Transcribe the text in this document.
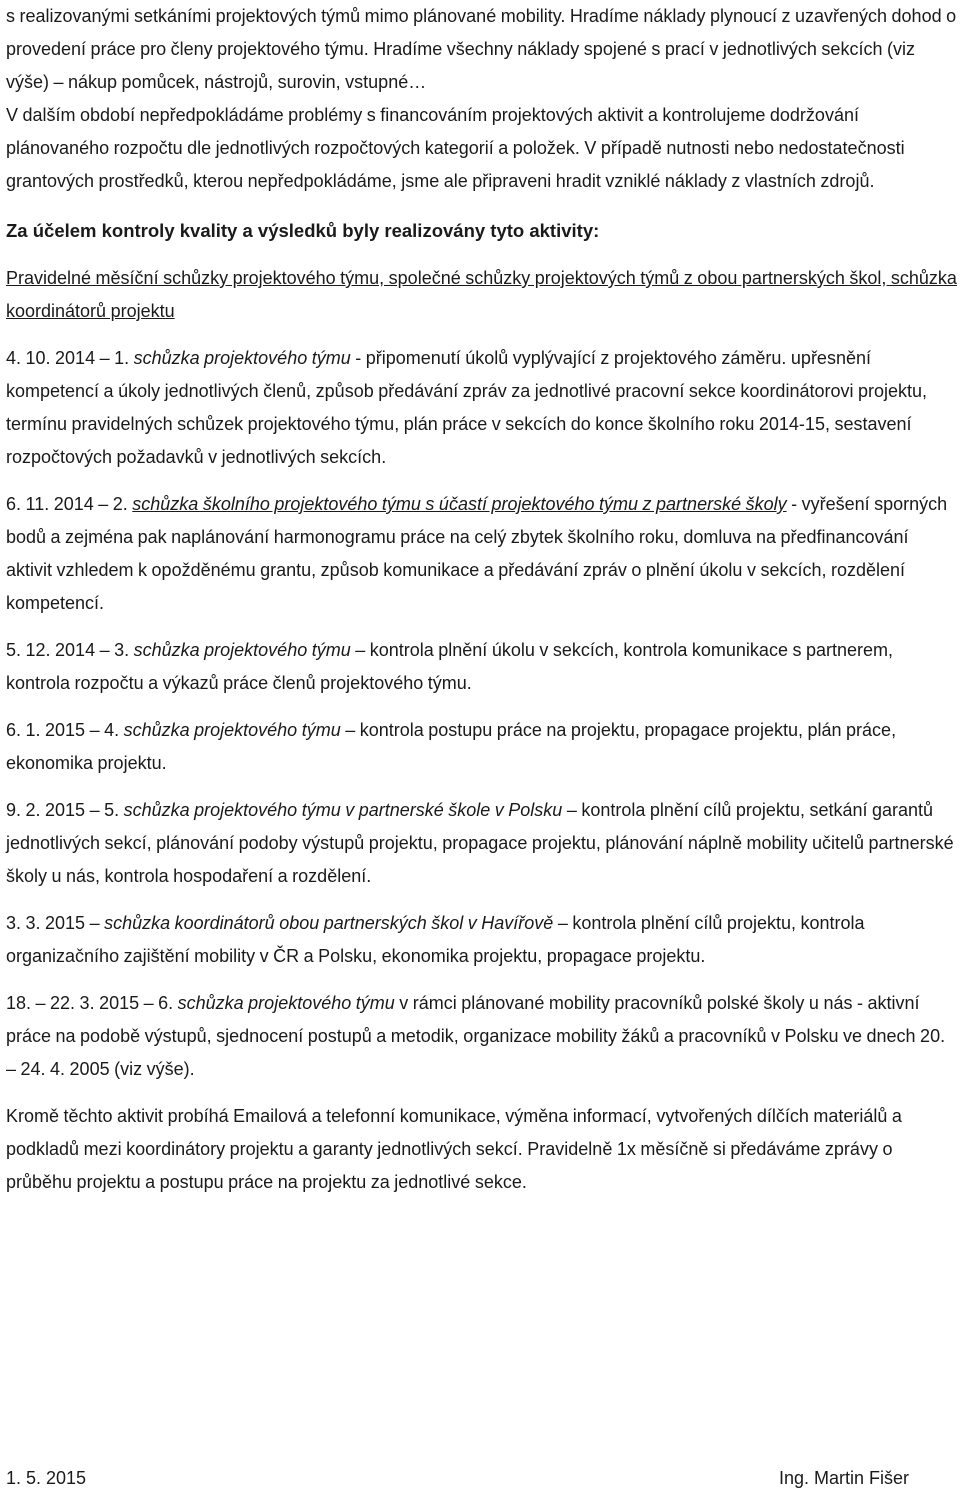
s realizovanými setkáními projektových týmů mimo plánované mobility. Hradíme náklady plynoucí z uzavřených dohod o provedení práce pro členy projektového týmu. Hradíme všechny náklady spojené s prací v jednotlivých sekcích (viz výše) – nákup pomůcek, nástrojů, surovin, vstupné…

V dalším období nepředpokládáme problémy s financováním projektových aktivit a kontrolujeme dodržování plánovaného rozpočtu dle jednotlivých rozpočtových kategorií a položek. V případě nutnosti nebo nedostatečnosti grantových prostředků, kterou nepředpokládáme, jsme ale připraveni hradit vzniklé náklady z vlastních zdrojů.

Za účelem kontroly kvality a výsledků byly realizovány tyto aktivity:

Pravidelné měsíční schůzky projektového týmu, společné schůzky projektových týmů z obou partnerských škol, schůzka koordinátorů projektu

4. 10. 2014 – 1. schůzka projektového týmu - připomenutí úkolů vyplývající z projektového záměru. upřesnění kompetencí a úkoly jednotlivých členů, způsob předávání zpráv za jednotlivé pracovní sekce koordinátorovi projektu, termínu pravidelných schůzek projektového týmu, plán práce v sekcích do konce školního roku 2014-15, sestavení rozpočtových požadavků v jednotlivých sekcích.

6. 11. 2014 – 2. schůzka školního projektového týmu s účastí projektového týmu z partnerské školy - vyřešení sporných bodů a zejména pak naplánování harmonogramu práce na celý zbytek školního roku, domluva na předfinancování aktivit vzhledem k opožděnému grantu, způsob komunikace a předávání zpráv o plnění úkolu v sekcích, rozdělení kompetencí.

5. 12. 2014 – 3. schůzka projektového týmu – kontrola plnění úkolu v sekcích, kontrola komunikace s partnerem, kontrola rozpočtu a výkazů práce členů projektového týmu.

6. 1. 2015 – 4. schůzka projektového týmu – kontrola postupu práce na projektu, propagace projektu, plán práce, ekonomika projektu.

9. 2. 2015 – 5. schůzka projektového týmu v partnerské škole v Polsku – kontrola plnění cílů projektu, setkání garantů jednotlivých sekcí, plánování podoby výstupů projektu, propagace projektu, plánování náplně mobility učitelů partnerské školy u nás, kontrola hospodaření a rozdělení.

3. 3. 2015 – schůzka koordinátorů obou partnerských škol v Havířově – kontrola plnění cílů projektu, kontrola organizačního zajištění mobility v ČR a Polsku, ekonomika projektu, propagace projektu.

18. – 22. 3. 2015 – 6. schůzka projektového týmu v rámci plánované mobility pracovníků polské školy u nás - aktivní práce na podobě výstupů, sjednocení postupů a metodik, organizace mobility žáků a pracovníků v Polsku ve dnech 20. – 24. 4. 2005 (viz výše).

Kromě těchto aktivit probíhá Emailová a telefonní komunikace, výměna informací, vytvořených dílčích materiálů a podkladů mezi koordinátory projektu a garanty jednotlivých sekcí. Pravidelně 1x měsíčně si předáváme zprávy o průběhu projektu a postupu práce na projektu za jednotlivé sekce.

1. 5. 2015	Ing. Martin Fišer
